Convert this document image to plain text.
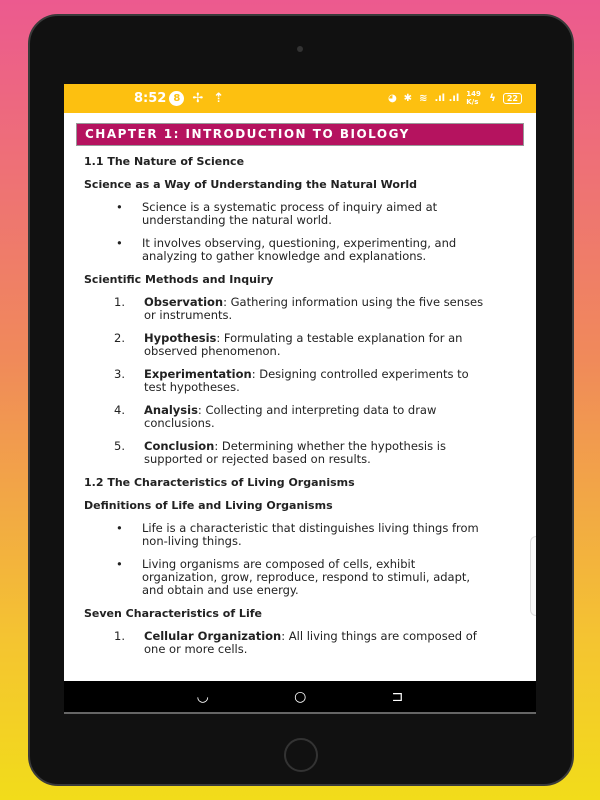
8:52 8 ✢ ⇡	◕ ✱ ≋ .ıl .ıl 149 K/s	ϟ	22
CHAPTER 1: INTRODUCTION TO BIOLOGY
1.1 The Nature of Science
Science as a Way of Understanding the Natural World
•	Science is a systematic process of inquiry aimed at understanding the natural world.
•	It involves observing, questioning, experimenting, and analyzing to gather knowledge and explanations.
Scientific Methods and Inquiry
1.	Observation: Gathering information using the five senses or instruments.
2.	Hypothesis: Formulating a testable explanation for an observed phenomenon.
3.	Experimentation: Designing controlled experiments to test hypotheses.
4.	Analysis: Collecting and interpreting data to draw conclusions.
5.	Conclusion: Determining whether the hypothesis is supported or rejected based on results.
1.2 The Characteristics of Living Organisms
Definitions of Life and Living Organisms
•	Life is a characteristic that distinguishes living things from non-living things.
•	Living organisms are composed of cells, exhibit organization, grow, reproduce, respond to stimuli, adapt, and obtain and use energy.
Seven Characteristics of Life
1.	Cellular Organization: All living things are composed of one or more cells.
◡	○	⊐
